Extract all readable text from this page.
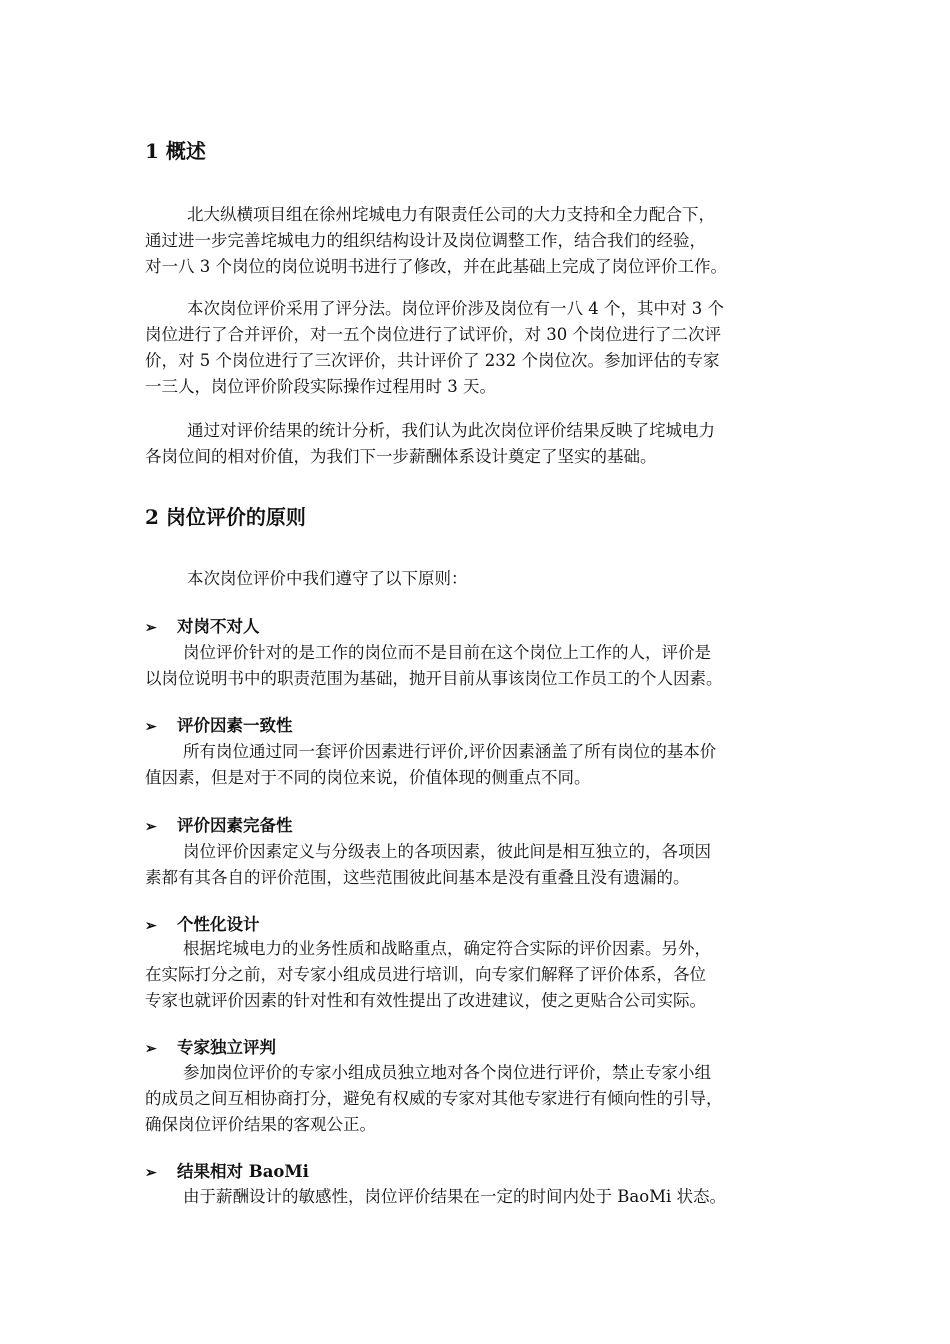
1 概述
北大纵横项目组在徐州垞城电力有限责任公司的大力支持和全力配合下，
通过进一步完善垞城电力的组织结构设计及岗位调整工作，结合我们的经验，
对一八 3 个岗位的岗位说明书进行了修改，并在此基础上完成了岗位评价工作。
本次岗位评价采用了评分法。岗位评价涉及岗位有一八 4 个，其中对 3 个
岗位进行了合并评价，对一五个岗位进行了试评价，对 30 个岗位进行了二次评
价，对 5 个岗位进行了三次评价，共计评价了 232 个岗位次。参加评估的专家
一三人，岗位评价阶段实际操作过程用时 3 天。
通过对评价结果的统计分析，我们认为此次岗位评价结果反映了垞城电力
各岗位间的相对价值，为我们下一步薪酬体系设计奠定了坚实的基础。
2 岗位评价的原则
本次岗位评价中我们遵守了以下原则：
➢ 对岗不对人
岗位评价针对的是工作的岗位而不是目前在这个岗位上工作的人，评价是
以岗位说明书中的职责范围为基础，抛开目前从事该岗位工作员工的个人因素。
➢ 评价因素一致性
所有岗位通过同一套评价因素进行评价,评价因素涵盖了所有岗位的基本价
值因素，但是对于不同的岗位来说，价值体现的侧重点不同。
➢ 评价因素完备性
岗位评价因素定义与分级表上的各项因素，彼此间是相互独立的，各项因
素都有其各自的评价范围，这些范围彼此间基本是没有重叠且没有遗漏的。
➢ 个性化设计
根据垞城电力的业务性质和战略重点，确定符合实际的评价因素。另外，
在实际打分之前，对专家小组成员进行培训，向专家们解释了评价体系，各位
专家也就评价因素的针对性和有效性提出了改进建议，使之更贴合公司实际。
➢ 专家独立评判
参加岗位评价的专家小组成员独立地对各个岗位进行评价，禁止专家小组
的成员之间互相协商打分，避免有权威的专家对其他专家进行有倾向性的引导，
确保岗位评价结果的客观公正。
➢ 结果相对 BaoMi
由于薪酬设计的敏感性，岗位评价结果在一定的时间内处于 BaoMi 状态。
